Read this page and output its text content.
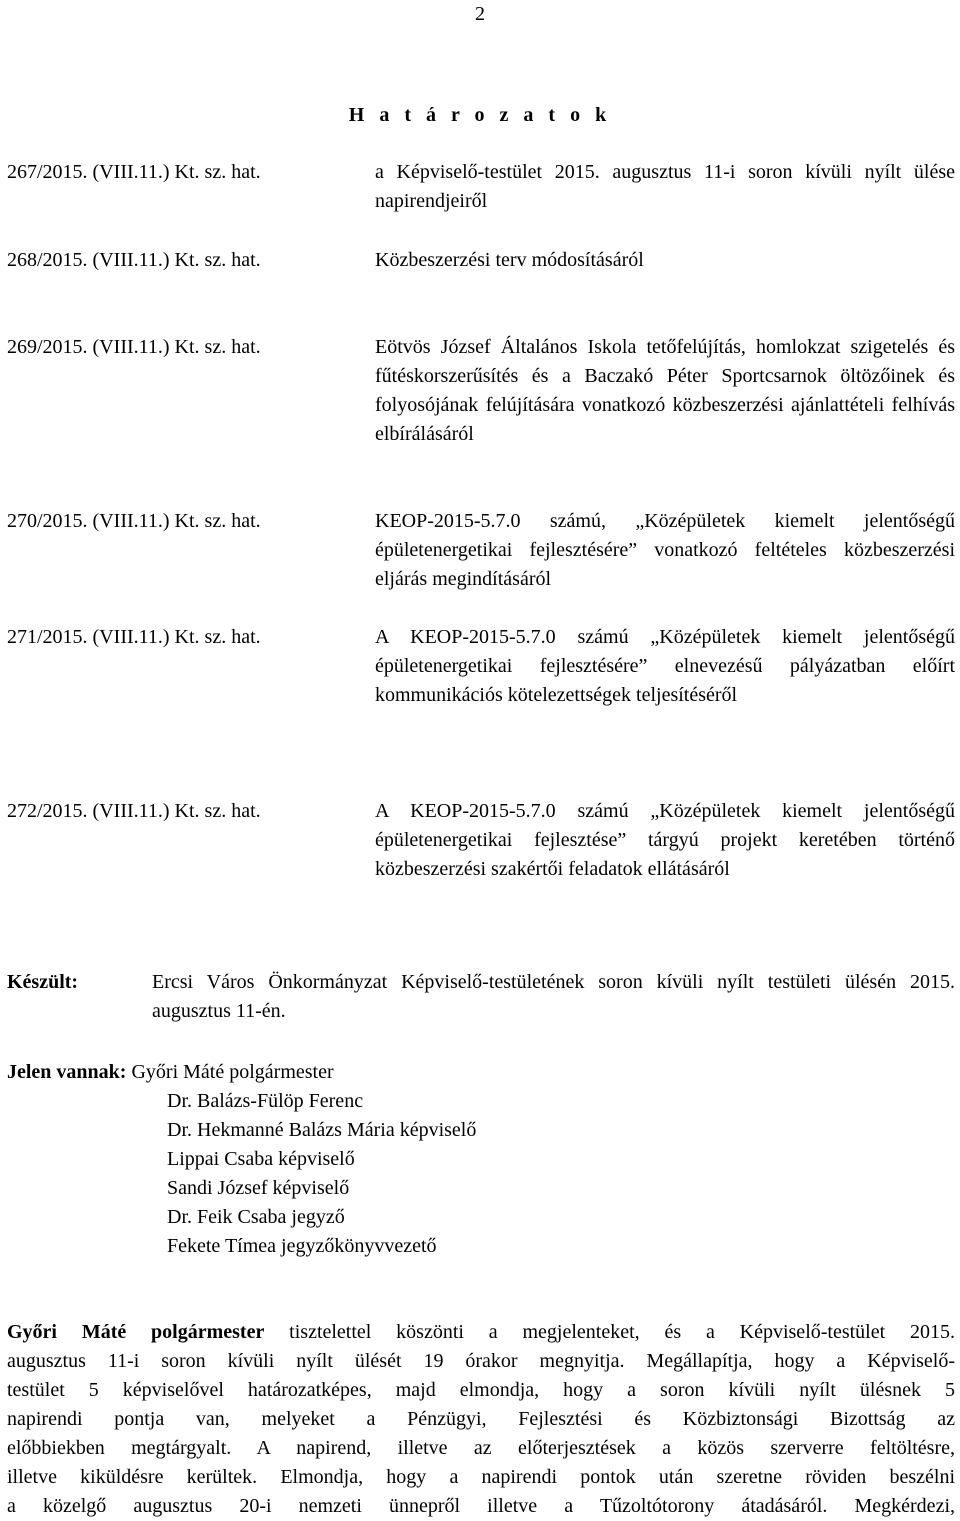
2
H a t á r o z a t o k
267/2015. (VIII.11.) Kt. sz. hat.	a Képviselő-testület 2015. augusztus 11-i soron kívüli nyílt ülése napirendjeiről
268/2015. (VIII.11.) Kt. sz. hat.	Közbeszerzési terv módosításáról
269/2015. (VIII.11.) Kt. sz. hat.	Eötvös József Általános Iskola tetőfelújítás, homlokzat szigetelés és fűtéskorszerűsítés és a Baczakó Péter Sportcsarnok öltözőinek és folyosójának felújítására vonatkozó közbeszerzési ajánlattételi felhívás elbírálásáról
270/2015. (VIII.11.) Kt. sz. hat.	KEOP-2015-5.7.0 számú, „Középületek kiemelt jelentőségű épületenergetikai fejlesztésére” vonatkozó feltételes közbeszerzési eljárás megindításáról
271/2015. (VIII.11.) Kt. sz. hat.	A KEOP-2015-5.7.0 számú „Középületek kiemelt jelentőségű épületenergetikai fejlesztésére” elnevezésű pályázatban előírt kommunikációs kötelezettségek teljesítéséről
272/2015. (VIII.11.) Kt. sz. hat.	A KEOP-2015-5.7.0 számú „Középületek kiemelt jelentőségű épületenergetikai fejlesztése” tárgyú projekt keretében történő közbeszerzési szakértői feladatok ellátásáról
Készült:	Ercsi Város Önkormányzat Képviselő-testületének soron kívüli nyílt testületi ülésén 2015. augusztus 11-én.
Jelen vannak: Győri Máté polgármester
Dr. Balázs-Fülöp Ferenc
Dr. Hekmanné Balázs Mária képviselő
Lippai Csaba képviselő
Sandi József képviselő
Dr. Feik Csaba jegyző
Fekete Tímea jegyzőkönyvvezető
Győri Máté polgármester tisztelettel köszönti a megjelenteket, és a Képviselő-testület 2015.
augusztus 11-i soron kívüli nyílt ülését 19 órakor megnyitja. Megállapítja, hogy a Képviselő-
testület 5 képviselővel határozatképes, majd elmondja, hogy a soron kívüli nyílt ülésnek 5
napirendi pontja van, melyeket a Pénzügyi, Fejlesztési és Közbiztonsági Bizottság az
előbbiekben megtárgyalt. A napirend, illetve az előterjesztések a közös szerverre feltöltésre,
illetve kiküldésre kerültek. Elmondja, hogy a napirendi pontok után szeretne röviden beszélni
a közelgő augusztus 20-i nemzeti ünnepről illetve a Tűzoltótorony átadásáról. Megkérdezi,
